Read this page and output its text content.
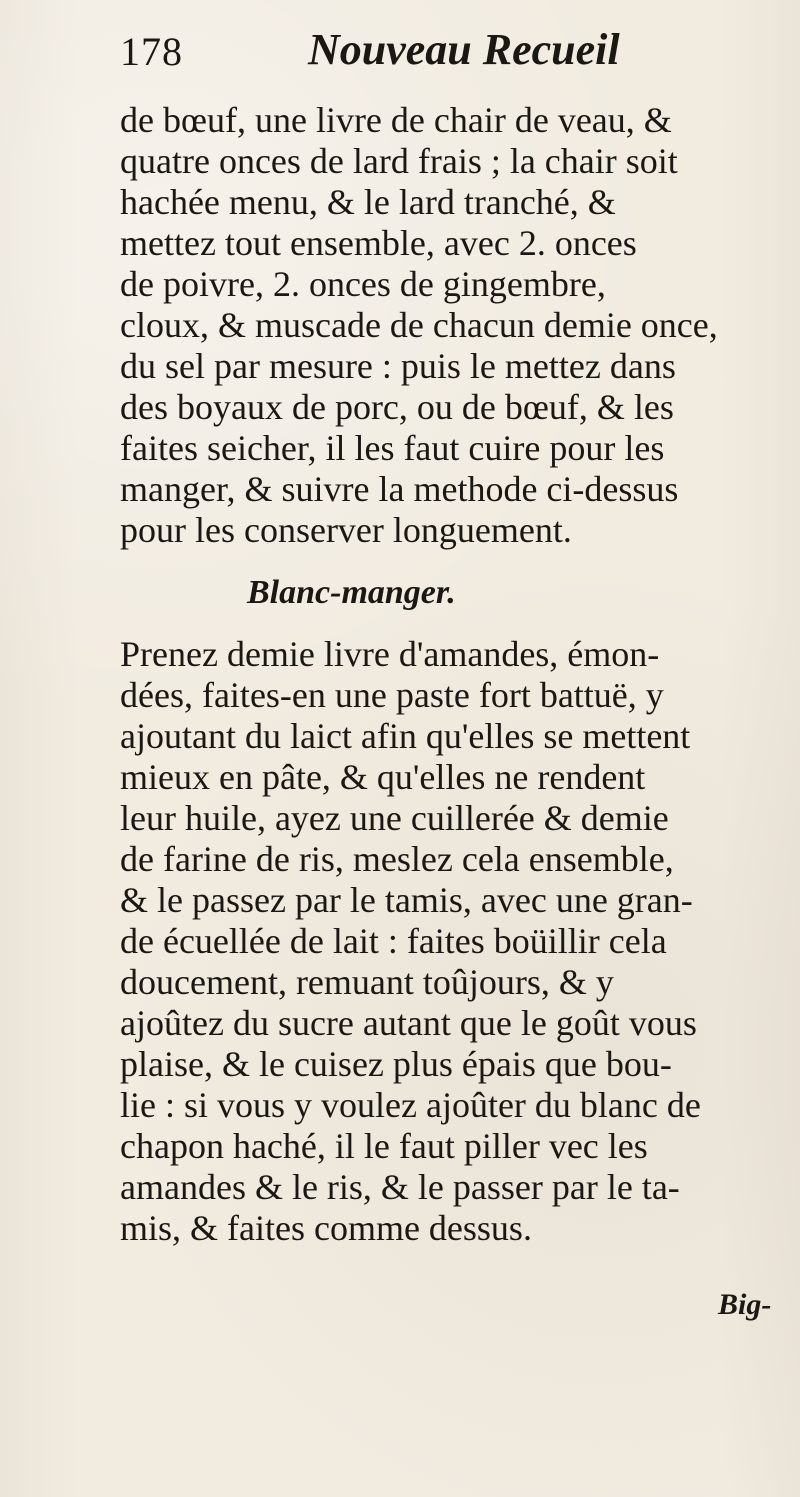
178	Nouveau Recueil
de bœuf, une livre de chair de veau, &
quatre onces de lard frais ; la chair soit
hachée menu, & le lard tranché, &
mettez tout ensemble, avec 2. onces
de poivre, 2. onces de gingembre,
cloux, & muscade de chacun demie once,
du sel par mesure : puis le mettez dans
des boyaux de porc, ou de bœuf, & les
faites seicher, il les faut cuire pour les
manger, & suivre la methode ci-dessus
pour les conserver longuement.
Blanc-manger.
Prenez demie livre d'amandes, émon-
dées, faites-en une paste fort battuë, y
ajoutant du laict afin qu'elles se mettent
mieux en pâte, & qu'elles ne rendent
leur huile, ayez une cuillerée & demie
de farine de ris, meslez cela ensemble,
& le passez par le tamis, avec une gran-
de écuellée de lait : faites boüillir cela
doucement, remuant toûjours, & y
ajoûtez du sucre autant que le goût vous
plaise, & le cuisez plus épais que bou-
lie : si vous y voulez ajoûter du blanc de
chapon haché, il le faut piller vec les
amandes & le ris, & le passer par le ta-
mis, & faites comme dessus.
Big-
